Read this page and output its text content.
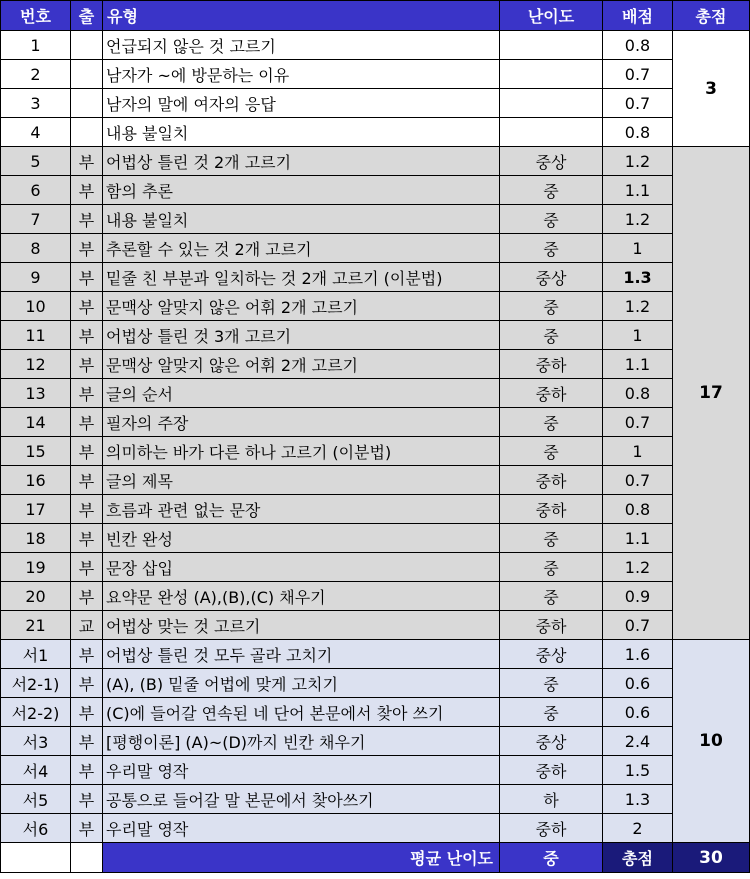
번호	출	유형	난이도	배점	총점
1		언급되지 않은 것 고르기		0.8	3
2		남자가 ~에 방문하는 이유		0.7	
3		남자의 말에 여자의 응답		0.7	
4		내용 불일치		0.8	
5	부	어법상 틀린 것 2개 고르기	중상	1.2	17
6	부	함의 추론	중	1.1	
7	부	내용 불일치	중	1.2	
8	부	추론할 수 있는 것 2개 고르기	중	1	
9	부	밑줄 친 부분과 일치하는 것 2개 고르기 (이분법)	중상	1.3	
10	부	문맥상 알맞지 않은 어휘 2개 고르기	중	1.2	
11	부	어법상 틀린 것 3개 고르기	중	1	
12	부	문맥상 알맞지 않은 어휘 2개 고르기	중하	1.1	
13	부	글의 순서	중하	0.8	
14	부	필자의 주장	중	0.7	
15	부	의미하는 바가 다른 하나 고르기 (이분법)	중	1	
16	부	글의 제목	중하	0.7	
17	부	흐름과 관련 없는 문장	중하	0.8	
18	부	빈칸 완성	중	1.1	
19	부	문장 삽입	중	1.2	
20	부	요약문 완성 (A),(B),(C) 채우기	중	0.9	
21	교	어법상 맞는 것 고르기	중하	0.7	
서1	부	어법상 틀린 것 모두 골라 고치기	중상	1.6	10
서2-1)	부	(A), (B) 밑줄 어법에 맞게 고치기	중	0.6	
서2-2)	부	(C)에 들어갈 연속된 네 단어 본문에서 찾아 쓰기	중	0.6	
서3	부	[평행이론] (A)~(D)까지 빈칸 채우기	중상	2.4	
서4	부	우리말 영작	중하	1.5	
서5	부	공통으로 들어갈 말 본문에서 찾아쓰기	하	1.3	
서6	부	우리말 영작	중하	2	
		평균 난이도	중	총점	30
